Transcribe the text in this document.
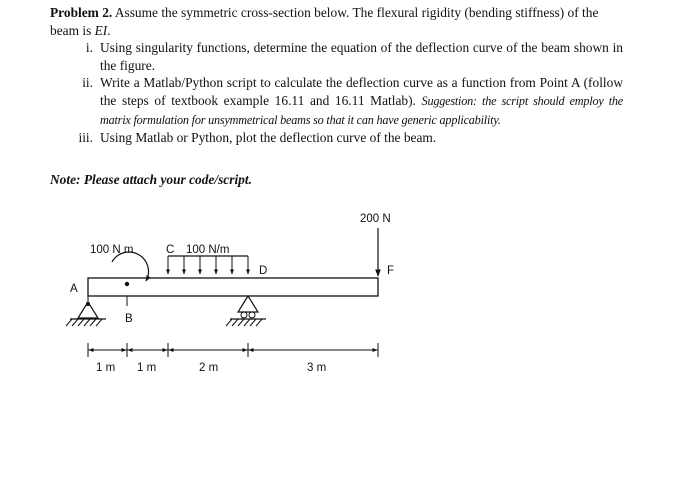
Problem 2. Assume the symmetric cross-section below. The flexural rigidity (bending stiffness) of the beam is EI.
i. Using singularity functions, determine the equation of the deflection curve of the beam shown in the figure.
ii. Write a Matlab/Python script to calculate the deflection curve as a function from Point A (follow the steps of textbook example 16.11 and 16.11 Matlab). Suggestion: the script should employ the matrix formulation for unsymmetrical beams so that it can have generic applicability.
iii. Using Matlab or Python, plot the deflection curve of the beam.
Note: Please attach your code/script.
A
100 N m
B
C 100 N/m
D
200 N
F
1 m 1 m	2 m	3 m
